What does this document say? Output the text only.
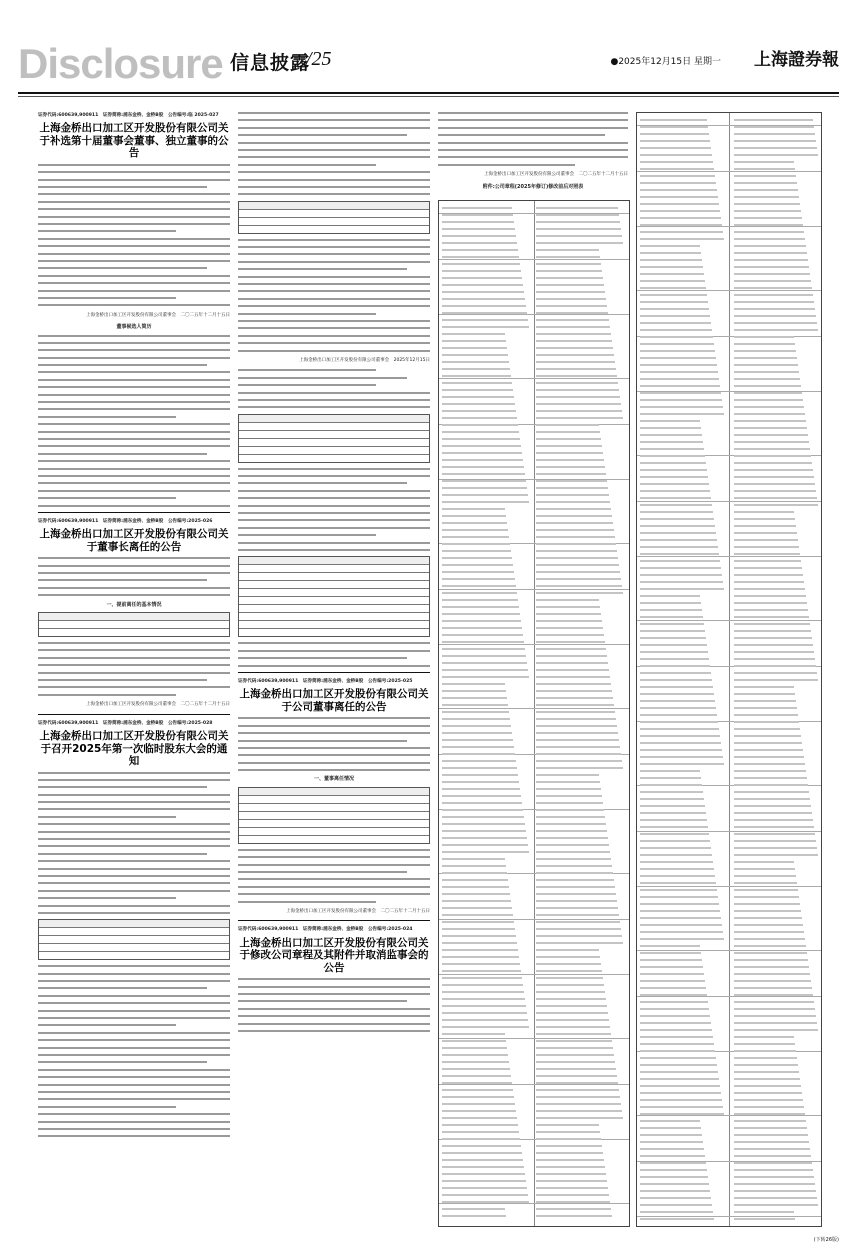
Disclosure 信息披露
/25	●2025年12月15日 星期一 上海證券報
证券代码:600639,900911　证券简称:浦东金桥、金桥B股　公告编号:临 2025-027
上海金桥出口加工区开发股份有限公司关于补选第十届董事会董事、独立董事的公告
上海金桥出口加工区开发股份有限公司董事会　二〇二五年十二月十五日
董事候选人简历
证券代码:600639,900911　证券简称:浦东金桥、金桥B股　公告编号:2025-026
上海金桥出口加工区开发股份有限公司关于董事长离任的公告
一、提前离任的基本情况
上海金桥出口加工区开发股份有限公司董事会　二〇二五年十二月十五日
证券代码:600639,900911　证券简称:浦东金桥、金桥B股　公告编号:2025-028
上海金桥出口加工区开发股份有限公司关于召开2025年第一次临时股东大会的通知
上海金桥出口加工区开发股份有限公司董事会　2025年12月15日
证券代码:600639,900911　证券简称:浦东金桥、金桥B股　公告编号:2025-025
上海金桥出口加工区开发股份有限公司关于公司董事离任的公告
一、董事离任情况
上海金桥出口加工区开发股份有限公司董事会　二〇二五年十二月十五日
证券代码:600639,900911　证券简称:浦东金桥、金桥B股　公告编号:2025-024
上海金桥出口加工区开发股份有限公司关于修改公司章程及其附件并取消监事会的公告
上海金桥出口加工区开发股份有限公司董事会　二〇二五年十二月十五日
附件:公司章程(2025年修订)修改前后对照表
(下转26版)
